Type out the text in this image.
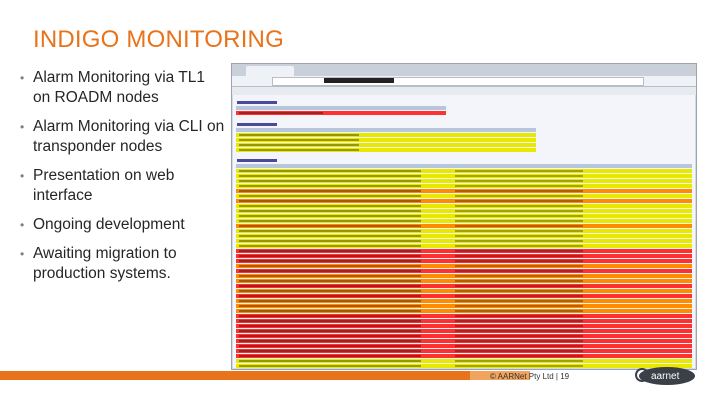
INDIGO MONITORING
• Alarm Monitoring via TL1 on ROADM nodes
• Alarm Monitoring via CLI on transponder nodes
• Presentation on web interface
• Ongoing development
• Awaiting migration to production systems.
© AARNet Pty Ltd | 19	aarnet
